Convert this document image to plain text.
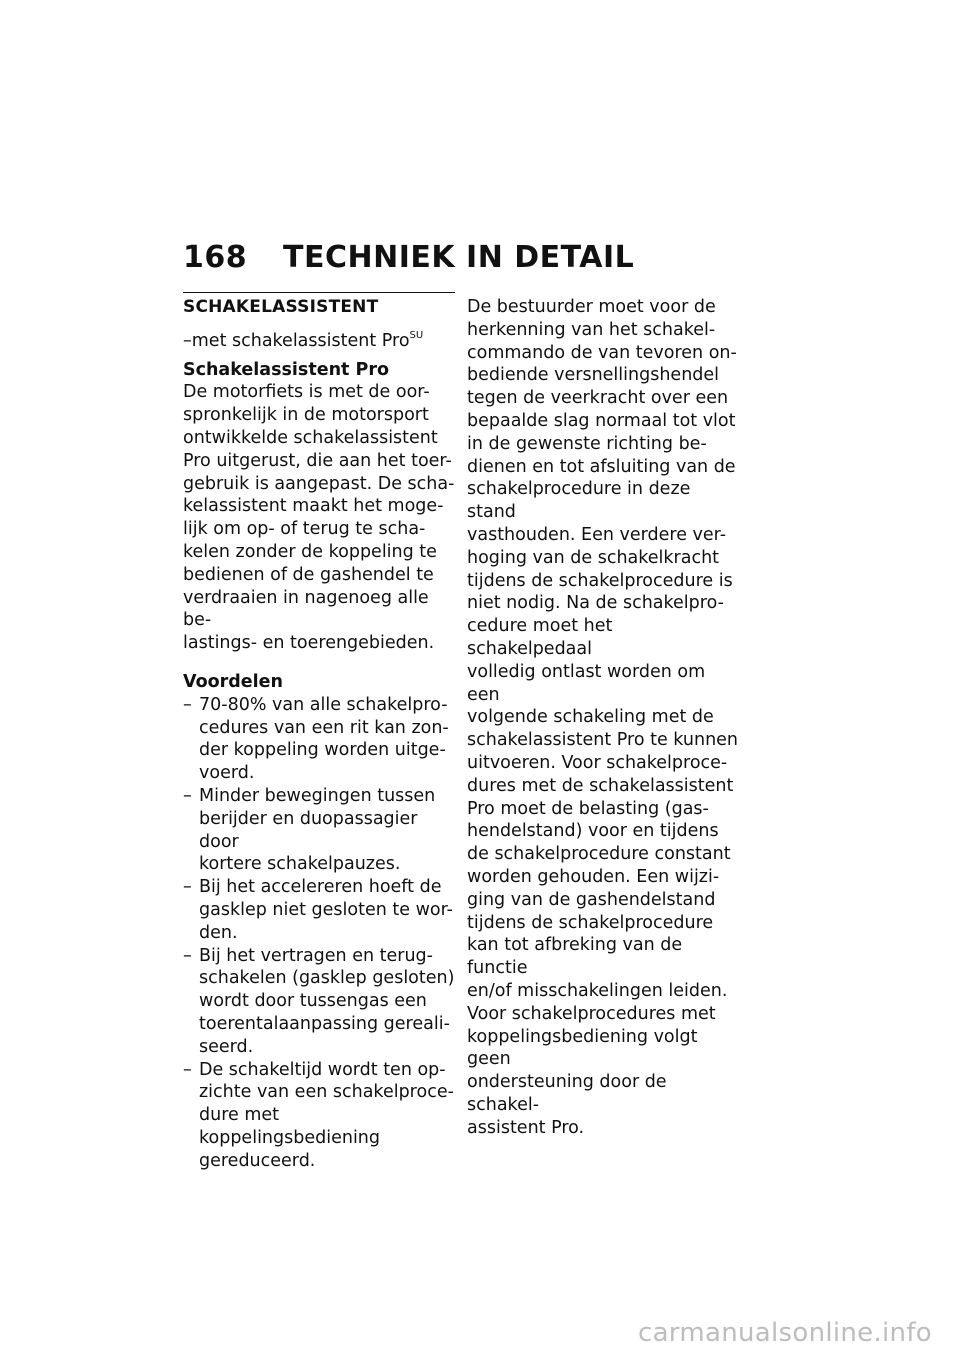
168 TECHNIEK IN DETAIL
SCHAKELASSISTENT

–met schakelassistent Pro$^{SU}$

Schakelassistent Pro

De motorfiets is met de oor-
spronkelijk in de motorsport
ontwikkelde schakelassistent
Pro uitgerust, die aan het toer-
gebruik is aangepast. De scha-
kelassistent maakt het moge-
lijk om op- of terug te scha-
kelen zonder de koppeling te
bedienen of de gashendel te
verdraaien in nagenoeg alle be-
lastings- en toerengebieden.

Voordelen

– 70-80% van alle schakelpro-
cedures van een rit kan zon-
der koppeling worden uitge-
voerd.
– Minder bewegingen tussen
berijder en duopassagier door
kortere schakelpauzes.
– Bij het accelereren hoeft de
gasklep niet gesloten te wor-
den.
– Bij het vertragen en terug-
schakelen (gasklep gesloten)
wordt door tussengas een
toerentalaanpassing gereali-
seerd.
– De schakeltijd wordt ten op-
zichte van een schakelproce-
dure met koppelingsbediening
gereduceerd.

De bestuurder moet voor de
herkenning van het schakel-
commando de van tevoren on-
bediende versnellingshendel
tegen de veerkracht over een
bepaalde slag normaal tot vlot
in de gewenste richting be-
dienen en tot afsluiting van de
schakelprocedure in deze stand
vasthouden. Een verdere ver-
hoging van de schakelkracht
tijdens de schakelprocedure is
niet nodig. Na de schakelpro-
cedure moet het schakelpedaal
volledig ontlast worden om een
volgende schakeling met de
schakelassistent Pro te kunnen
uitvoeren. Voor schakelproce-
dures met de schakelassistent
Pro moet de belasting (gas-
hendelstand) voor en tijdens
de schakelprocedure constant
worden gehouden. Een wijzi-
ging van de gashendelstand
tijdens de schakelprocedure
kan tot afbreking van de functie
en/of misschakelingen leiden.
Voor schakelprocedures met
koppelingsbediening volgt geen
ondersteuning door de schakel-
assistent Pro.

carmanualsonline.info
